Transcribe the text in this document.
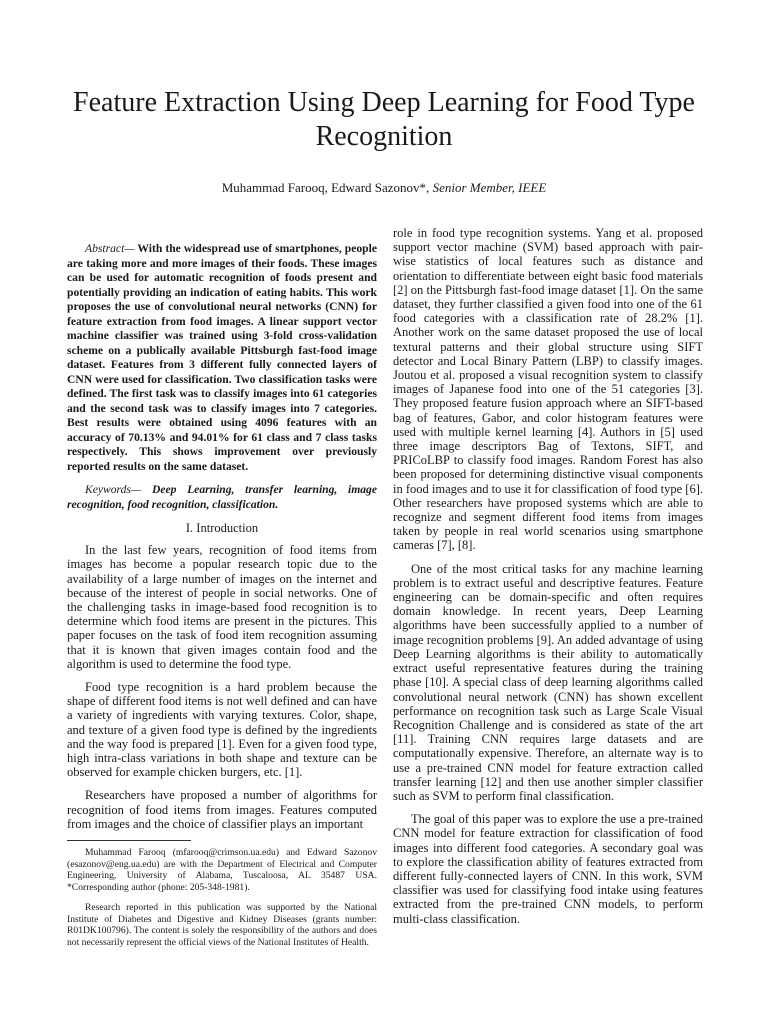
Feature Extraction Using Deep Learning for Food Type Recognition
Muhammad Farooq, Edward Sazonov*, Senior Member, IEEE

Abstract— With the widespread use of smartphones, people are taking more and more images of their foods. These images can be used for automatic recognition of foods present and potentially providing an indication of eating habits. This work proposes the use of convolutional neural networks (CNN) for feature extraction from food images. A linear support vector machine classifier was trained using 3-fold cross-validation scheme on a publically available Pittsburgh fast-food image dataset. Features from 3 different fully connected layers of CNN were used for classification. Two classification tasks were defined. The first task was to classify images into 61 categories and the second task was to classify images into 7 categories. Best results were obtained using 4096 features with an accuracy of 70.13% and 94.01% for 61 class and 7 class tasks respectively. This shows improvement over previously reported results on the same dataset.

Keywords— Deep Learning, transfer learning, image recognition, food recognition, classification.

I. Introduction

In the last few years, recognition of food items from images has become a popular research topic due to the availability of a large number of images on the internet and because of the interest of people in social networks. One of the challenging tasks in image-based food recognition is to determine which food items are present in the pictures. This paper focuses on the task of food item recognition assuming that it is known that given images contain food and the algorithm is used to determine the food type.

Food type recognition is a hard problem because the shape of different food items is not well defined and can have a variety of ingredients with varying textures. Color, shape, and texture of a given food type is defined by the ingredients and the way food is prepared [1]. Even for a given food type, high intra-class variations in both shape and texture can be observed for example chicken burgers, etc. [1].

Researchers have proposed a number of algorithms for recognition of food items from images. Features computed from images and the choice of classifier plays an important

Muhammad Farooq (mfarooq@crimson.ua.edu) and Edward Sazonov (esazonov@eng.ua.edu) are with the Department of Electrical and Computer Engineering, University of Alabama, Tuscaloosa, AL 35487 USA. *Corresponding author (phone: 205-348-1981).

Research reported in this publication was supported by the National Institute of Diabetes and Digestive and Kidney Diseases (grants number: R01DK100796). The content is solely the responsibility of the authors and does not necessarily represent the official views of the National Institutes of Health.

role in food type recognition systems. Yang et al. proposed support vector machine (SVM) based approach with pair-wise statistics of local features such as distance and orientation to differentiate between eight basic food materials [2] on the Pittsburgh fast-food image dataset [1]. On the same dataset, they further classified a given food into one of the 61 food categories with a classification rate of 28.2% [1]. Another work on the same dataset proposed the use of local textural patterns and their global structure using SIFT detector and Local Binary Pattern (LBP) to classify images. Joutou et al. proposed a visual recognition system to classify images of Japanese food into one of the 51 categories [3]. They proposed feature fusion approach where an SIFT-based bag of features, Gabor, and color histogram features were used with multiple kernel learning [4]. Authors in [5] used three image descriptors Bag of Textons, SIFT, and PRICoLBP to classify food images. Random Forest has also been proposed for determining distinctive visual components in food images and to use it for classification of food type [6]. Other researchers have proposed systems which are able to recognize and segment different food items from images taken by people in real world scenarios using smartphone cameras [7], [8].

One of the most critical tasks for any machine learning problem is to extract useful and descriptive features. Feature engineering can be domain-specific and often requires domain knowledge. In recent years, Deep Learning algorithms have been successfully applied to a number of image recognition problems [9]. An added advantage of using Deep Learning algorithms is their ability to automatically extract useful representative features during the training phase [10]. A special class of deep learning algorithms called convolutional neural network (CNN) has shown excellent performance on recognition task such as Large Scale Visual Recognition Challenge and is considered as state of the art [11]. Training CNN requires large datasets and are computationally expensive. Therefore, an alternate way is to use a pre-trained CNN model for feature extraction called transfer learning [12] and then use another simpler classifier such as SVM to perform final classification.

The goal of this paper was to explore the use a pre-trained CNN model for feature extraction for classification of food images into different food categories. A secondary goal was to explore the classification ability of features extracted from different fully-connected layers of CNN. In this work, SVM classifier was used for classifying food intake using features extracted from the pre-trained CNN models, to perform multi-class classification.
